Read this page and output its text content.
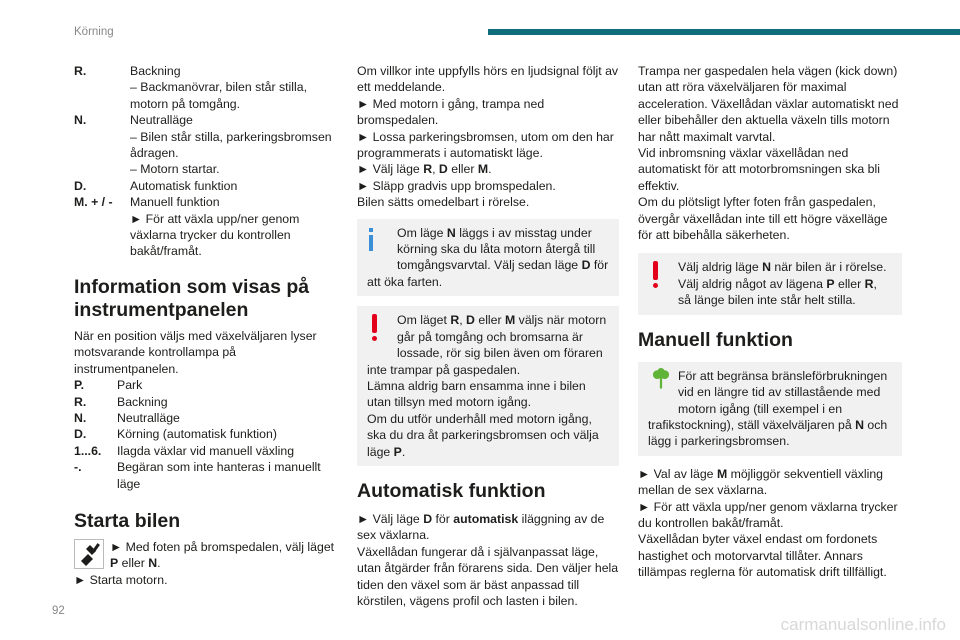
Körning
92
carmanualsonline.info
R.	Backning
– Backmanövrar, bilen står stilla, motorn på tomgång.
N.	Neutralläge
– Bilen står stilla, parkeringsbromsen ådragen.
– Motorn startar.
D.	Automatisk funktion
M. + / -	Manuell funktion
► För att växla upp/ner genom växlarna trycker du kontrollen bakåt/framåt.
Information som visas på instrumentpanelen

När en position väljs med växelväljaren lyser motsvarande kontrollampa på instrumentpanelen.

P.	Park
R.	Backning
N.	Neutralläge
D.	Körning (automatisk funktion)
1...6.	Ilagda växlar vid manuell växling
-.	Begäran som inte hanteras i manuellt läge
Starta bilen

► Med foten på bromspedalen, välj läget P eller N.

► Starta motorn.

Om villkor inte uppfylls hörs en ljudsignal följt av ett meddelande.

► Med motorn i gång, trampa ned bromspedalen.

► Lossa parkeringsbromsen, utom om den har programmerats i automatiskt läge.

► Välj läge R, D eller M.

► Släpp gradvis upp bromspedalen.

Bilen sätts omedelbart i rörelse.

Om läge N läggs i av misstag under körning ska du låta motorn återgå till tomgångsvarvtal. Välj sedan läge D för att öka farten.

Om läget R, D eller M väljs när motorn går på tomgång och bromsarna är lossade, rör sig bilen även om föraren inte trampar på gaspedalen.

Lämna aldrig barn ensamma inne i bilen utan tillsyn med motorn igång.

Om du utför underhåll med motorn igång, ska du dra åt parkeringsbromsen och välja läge P.

Automatisk funktion

► Välj läge D för automatisk iläggning av de sex växlarna.

Växellådan fungerar då i självanpassat läge, utan åtgärder från förarens sida. Den väljer hela tiden den växel som är bäst anpassad till körstilen, vägens profil och lasten i bilen.

Trampa ner gaspedalen hela vägen (kick down) utan att röra växelväljaren för maximal acceleration. Växellådan växlar automatiskt ned eller bibehåller den aktuella växeln tills motorn har nått maximalt varvtal.

Vid inbromsning växlar växellådan ned automatiskt för att motorbromsningen ska bli effektiv.

Om du plötsligt lyfter foten från gaspedalen, övergår växellådan inte till ett högre växelläge för att bibehålla säkerheten.

Välj aldrig läge N när bilen är i rörelse.
Välj aldrig något av lägena P eller R, så länge bilen inte står helt stilla.

Manuell funktion

För att begränsa bränsleförbrukningen vid en längre tid av stillastående med motorn igång (till exempel i en trafikstockning), ställ växelväljaren på N och lägg i parkeringsbromsen.

► Val av läge M möjliggör sekventiell växling mellan de sex växlarna.

► För att växla upp/ner genom växlarna trycker du kontrollen bakåt/framåt.

Växellådan byter växel endast om fordonets hastighet och motorvarvtal tillåter. Annars tillämpas reglerna för automatisk drift tillfälligt.
